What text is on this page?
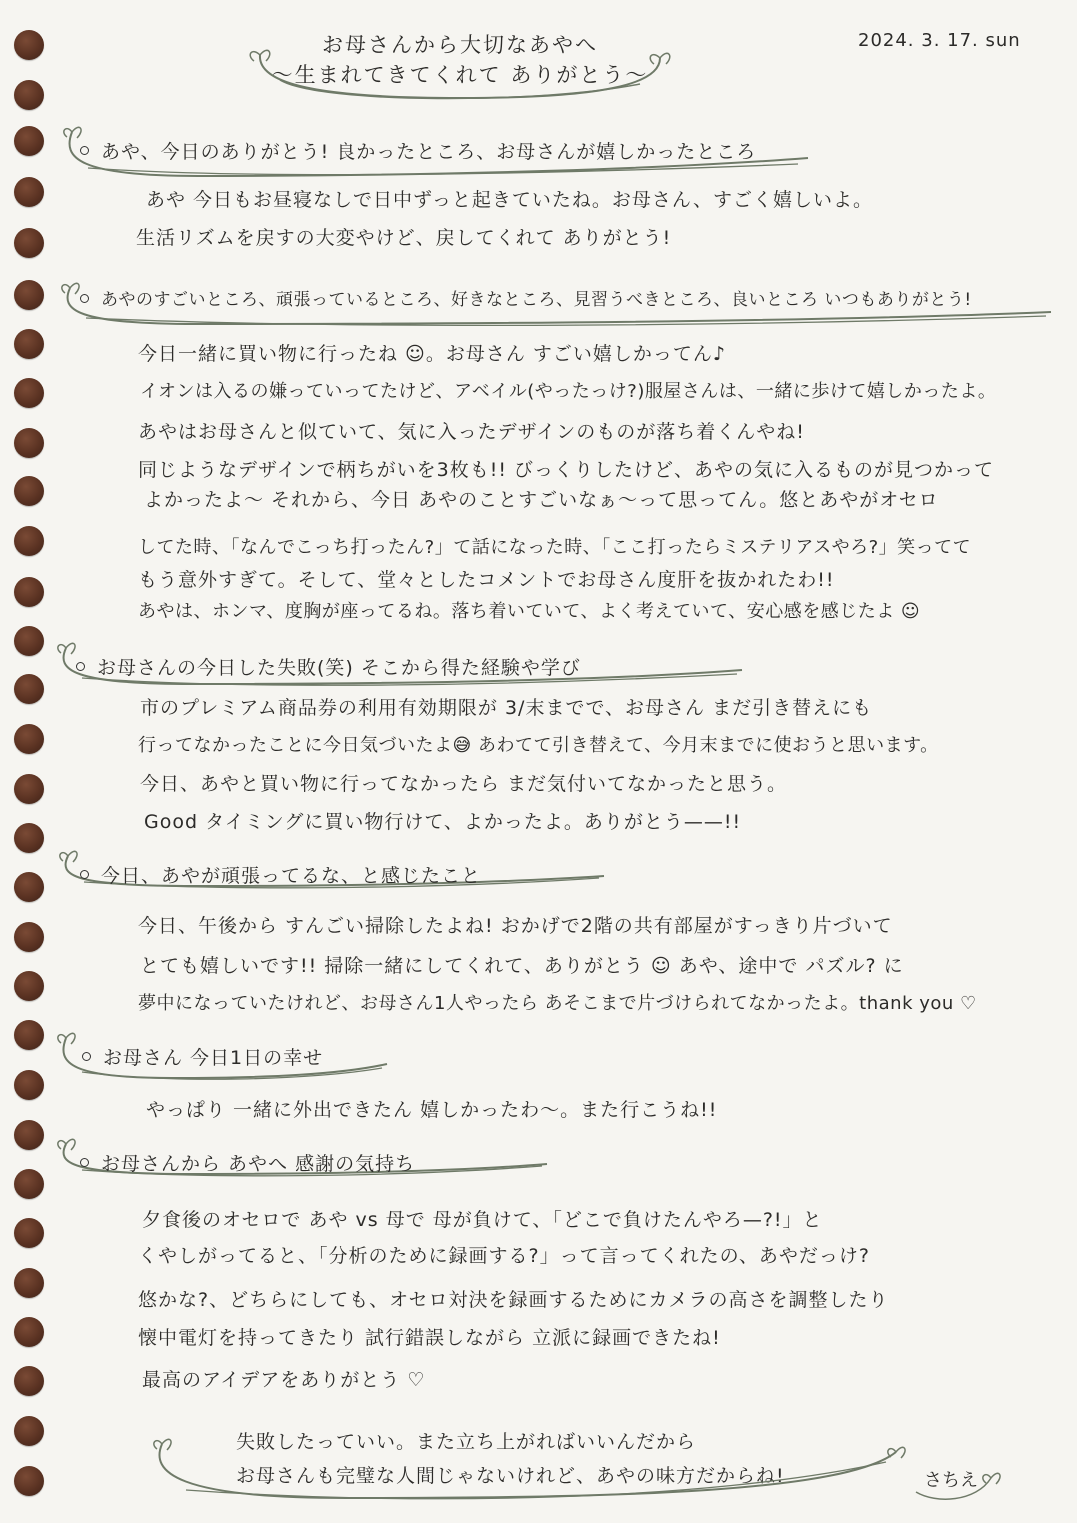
お母さんから大切なあやへ
〜生まれてきてくれて ありがとう〜
2024. 3. 17. sun
あや、今日のありがとう! 良かったところ、お母さんが嬉しかったところ
あや 今日もお昼寝なしで日中ずっと起きていたね。お母さん、すごく嬉しいよ。
生活リズムを戻すの大変やけど、戻してくれて ありがとう!
あやのすごいところ、頑張っているところ、好きなところ、見習うべきところ、良いところ いつもありがとう!
今日一緒に買い物に行ったね ☺。お母さん すごい嬉しかってん♪
イオンは入るの嫌っていってたけど、アベイル(やったっけ?)服屋さんは、一緒に歩けて嬉しかったよ。
あやはお母さんと似ていて、気に入ったデザインのものが落ち着くんやね!
同じようなデザインで柄ちがいを3枚も!! びっくりしたけど、あやの気に入るものが見つかって
よかったよ〜 それから、今日 あやのことすごいなぁ〜って思ってん。悠とあやがオセロ
してた時、「なんでこっち打ったん?」て話になった時、「ここ打ったらミステリアスやろ?」笑ってて
もう意外すぎて。そして、堂々としたコメントでお母さん度肝を抜かれたわ!!
あやは、ホンマ、度胸が座ってるね。落ち着いていて、よく考えていて、安心感を感じたよ ☺
お母さんの今日した失敗(笑) そこから得た経験や学び
市のプレミアム商品券の利用有効期限が 3/末までで、お母さん まだ引き替えにも
行ってなかったことに今日気づいたよ😅 あわてて引き替えて、今月末までに使おうと思います。
今日、あやと買い物に行ってなかったら まだ気付いてなかったと思う。
Good タイミングに買い物行けて、よかったよ。ありがとう——!!
今日、あやが頑張ってるな、と感じたこと
今日、午後から すんごい掃除したよね! おかげで2階の共有部屋がすっきり片づいて
とても嬉しいです!! 掃除一緒にしてくれて、ありがとう ☺ あや、途中で パズル? に
夢中になっていたけれど、お母さん1人やったら あそこまで片づけられてなかったよ。thank you ♡
お母さん 今日1日の幸せ
やっぱり 一緒に外出できたん 嬉しかったわ〜。また行こうね!!
お母さんから あやへ 感謝の気持ち
夕食後のオセロで あや vs 母で 母が負けて、「どこで負けたんやろ—?!」と
くやしがってると、「分析のために録画する?」って言ってくれたの、あやだっけ?
悠かな?、どちらにしても、オセロ対決を録画するためにカメラの高さを調整したり
懐中電灯を持ってきたり 試行錯誤しながら 立派に録画できたね!
最高のアイデアをありがとう ♡
失敗したっていい。また立ち上がればいいんだから
お母さんも完璧な人間じゃないけれど、あやの味方だからね!	さちえ
